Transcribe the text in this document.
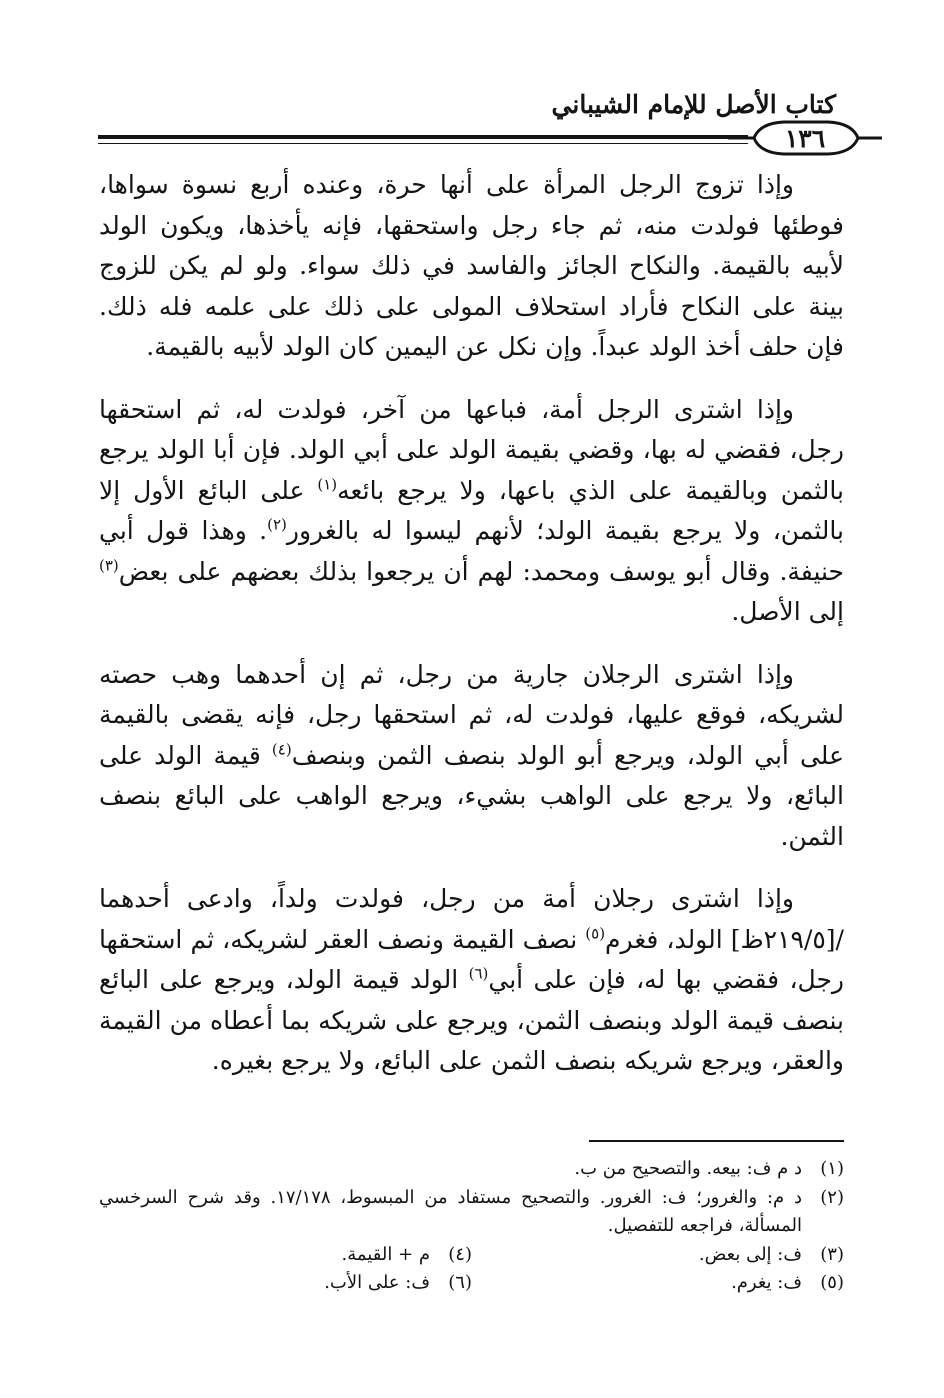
كتاب الأصل للإمام الشيباني
١٣٦

وإذا تزوج الرجل المرأة على أنها حرة، وعنده أربع نسوة سواها، فوطئها فولدت منه، ثم جاء رجل واستحقها، فإنه يأخذها، ويكون الولد لأبيه بالقيمة. والنكاح الجائز والفاسد في ذلك سواء. ولو لم يكن للزوج بينة على النكاح فأراد استحلاف المولى على ذلك على علمه فله ذلك. فإن حلف أخذ الولد عبداً. وإن نكل عن اليمين كان الولد لأبيه بالقيمة.

وإذا اشترى الرجل أمة، فباعها من آخر، فولدت له، ثم استحقها رجل، فقضي له بها، وقضي بقيمة الولد على أبي الولد. فإن أبا الولد يرجع بالثمن وبالقيمة على الذي باعها، ولا يرجع بائعه$^{(١)}$ على البائع الأول إلا بالثمن، ولا يرجع بقيمة الولد؛ لأنهم ليسوا له بالغرور$^{(٢)}$. وهذا قول أبي حنيفة. وقال أبو يوسف ومحمد: لهم أن يرجعوا بذلك بعضهم على بعض$^{(٣)}$ إلى الأصل.

وإذا اشترى الرجلان جارية من رجل، ثم إن أحدهما وهب حصته لشريكه، فوقع عليها، فولدت له، ثم استحقها رجل، فإنه يقضى بالقيمة على أبي الولد، ويرجع أبو الولد بنصف الثمن وبنصف$^{(٤)}$ قيمة الولد على البائع، ولا يرجع على الواهب بشيء، ويرجع الواهب على البائع بنصف الثمن.

وإذا اشترى رجلان أمة من رجل، فولدت ولداً، وادعى أحدهما /[٢١٩/٥ظ] الولد، فغرم$^{(٥)}$ نصف القيمة ونصف العقر لشريكه، ثم استحقها رجل، فقضي بها له، فإن على أبي$^{(٦)}$ الولد قيمة الولد، ويرجع على البائع بنصف قيمة الولد وبنصف الثمن، ويرجع على شريكه بما أعطاه من القيمة والعقر، ويرجع شريكه بنصف الثمن على البائع، ولا يرجع بغيره.

(١)
د م ف: بيعه. والتصحيح من ب.
(٢)
د م: والغرور؛ ف: الغرور. والتصحيح مستفاد من المبسوط، ١٧/١٧٨. وقد شرح السرخسي المسألة، فراجعه للتفصيل.
(٣)
ف: إلى بعض.
(٤)
م + القيمة.
(٥)
ف: يغرم.
(٦)
ف: على الأب.
